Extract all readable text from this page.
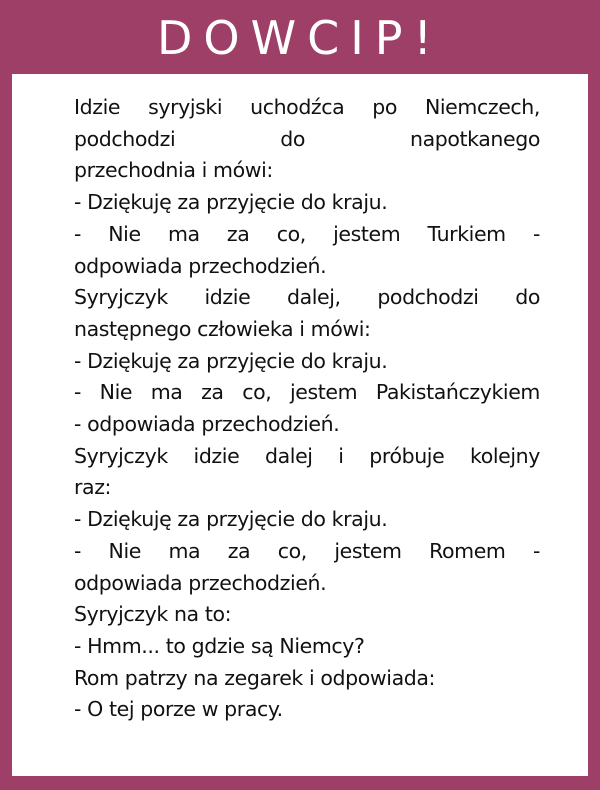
DOWCIP!
Idzie syryjski uchodźca po Niemczech,
podchodzi do napotkanego
przechodnia i mówi:
- Dziękuję za przyjęcie do kraju.
- Nie ma za co, jestem Turkiem -
odpowiada przechodzień.
Syryjczyk idzie dalej, podchodzi do
następnego człowieka i mówi:
- Dziękuję za przyjęcie do kraju.
- Nie ma za co, jestem Pakistańczykiem
- odpowiada przechodzień.
Syryjczyk idzie dalej i próbuje kolejny
raz:
- Dziękuję za przyjęcie do kraju.
- Nie ma za co, jestem Romem -
odpowiada przechodzień.
Syryjczyk na to:
- Hmm... to gdzie są Niemcy?
Rom patrzy na zegarek i odpowiada:
- O tej porze w pracy.
